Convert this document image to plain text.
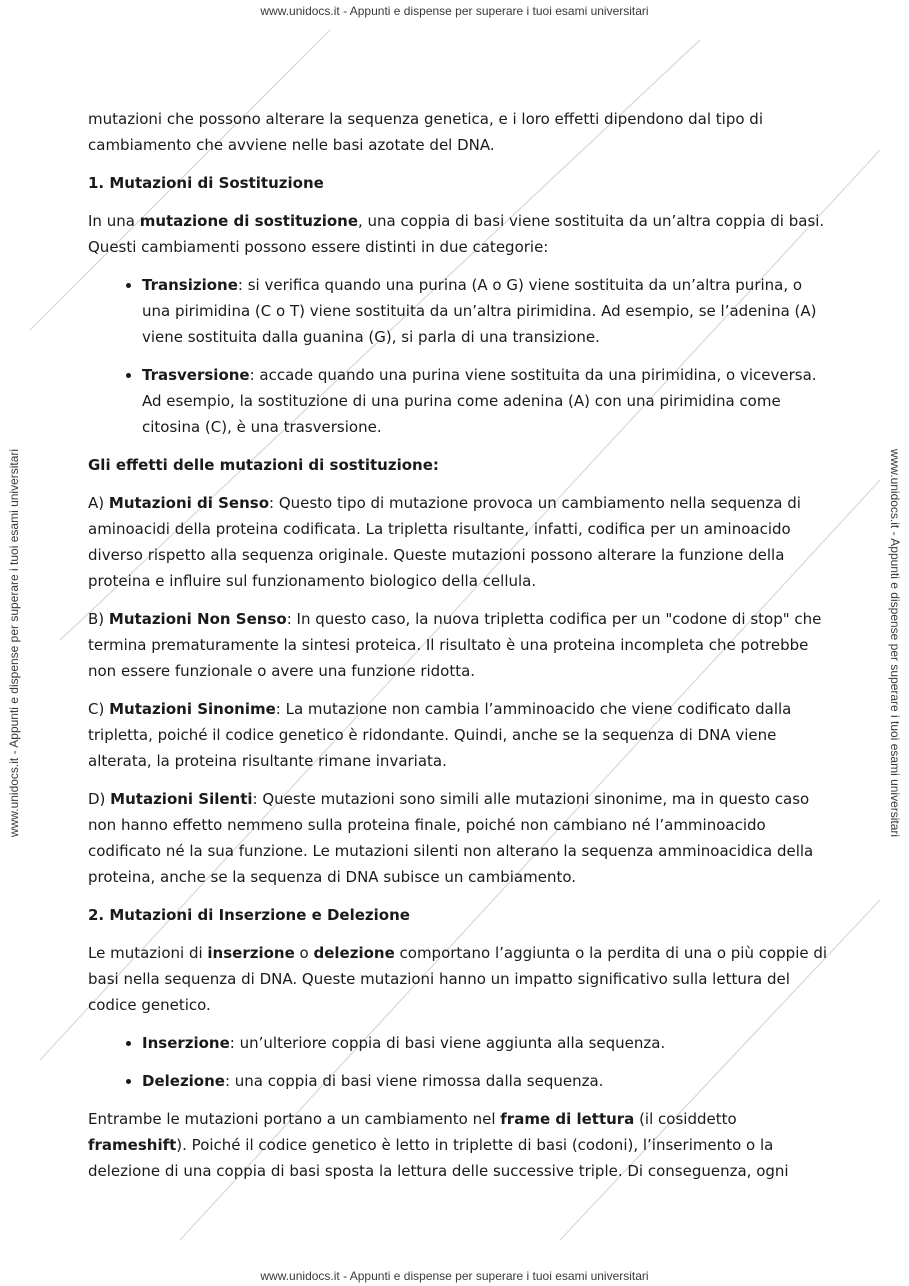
www.unidocs.it - Appunti e dispense per superare i tuoi esami universitari
www.unidocs.it - Appunti e dispense per superare i tuoi esami universitari
www.unidocs.it - Appunti e dispense per superare i tuoi esami universitari	www.unidocs.it - Appunti e dispense per superare i tuoi esami universitari

mutazioni che possono alterare la sequenza genetica, e i loro effetti dipendono dal tipo di cambiamento che avviene nelle basi azotate del DNA.

1. Mutazioni di Sostituzione

In una mutazione di sostituzione, una coppia di basi viene sostituita da un’altra coppia di basi. Questi cambiamenti possono essere distinti in due categorie:

• Transizione: si verifica quando una purina (A o G) viene sostituita da un’altra purina, o una pirimidina (C o T) viene sostituita da un’altra pirimidina. Ad esempio, se l’adenina (A) viene sostituita dalla guanina (G), si parla di una transizione.
• Trasversione: accade quando una purina viene sostituita da una pirimidina, o viceversa. Ad esempio, la sostituzione di una purina come adenina (A) con una pirimidina come citosina (C), è una trasversione.

Gli effetti delle mutazioni di sostituzione:

A) Mutazioni di Senso: Questo tipo di mutazione provoca un cambiamento nella sequenza di aminoacidi della proteina codificata. La tripletta risultante, infatti, codifica per un aminoacido diverso rispetto alla sequenza originale. Queste mutazioni possono alterare la funzione della proteina e influire sul funzionamento biologico della cellula.

B) Mutazioni Non Senso: In questo caso, la nuova tripletta codifica per un "codone di stop" che termina prematuramente la sintesi proteica. Il risultato è una proteina incompleta che potrebbe non essere funzionale o avere una funzione ridotta.

C) Mutazioni Sinonime: La mutazione non cambia l’amminoacido che viene codificato dalla tripletta, poiché il codice genetico è ridondante. Quindi, anche se la sequenza di DNA viene alterata, la proteina risultante rimane invariata.

D) Mutazioni Silenti: Queste mutazioni sono simili alle mutazioni sinonime, ma in questo caso non hanno effetto nemmeno sulla proteina finale, poiché non cambiano né l’amminoacido codificato né la sua funzione. Le mutazioni silenti non alterano la sequenza amminoacidica della proteina, anche se la sequenza di DNA subisce un cambiamento.

2. Mutazioni di Inserzione e Delezione

Le mutazioni di inserzione o delezione comportano l’aggiunta o la perdita di una o più coppie di basi nella sequenza di DNA. Queste mutazioni hanno un impatto significativo sulla lettura del codice genetico.

• Inserzione: un’ulteriore coppia di basi viene aggiunta alla sequenza.
• Delezione: una coppia di basi viene rimossa dalla sequenza.

Entrambe le mutazioni portano a un cambiamento nel frame di lettura (il cosiddetto frameshift). Poiché il codice genetico è letto in triplette di basi (codoni), l’inserimento o la delezione di una coppia di basi sposta la lettura delle successive triple. Di conseguenza, ogni
